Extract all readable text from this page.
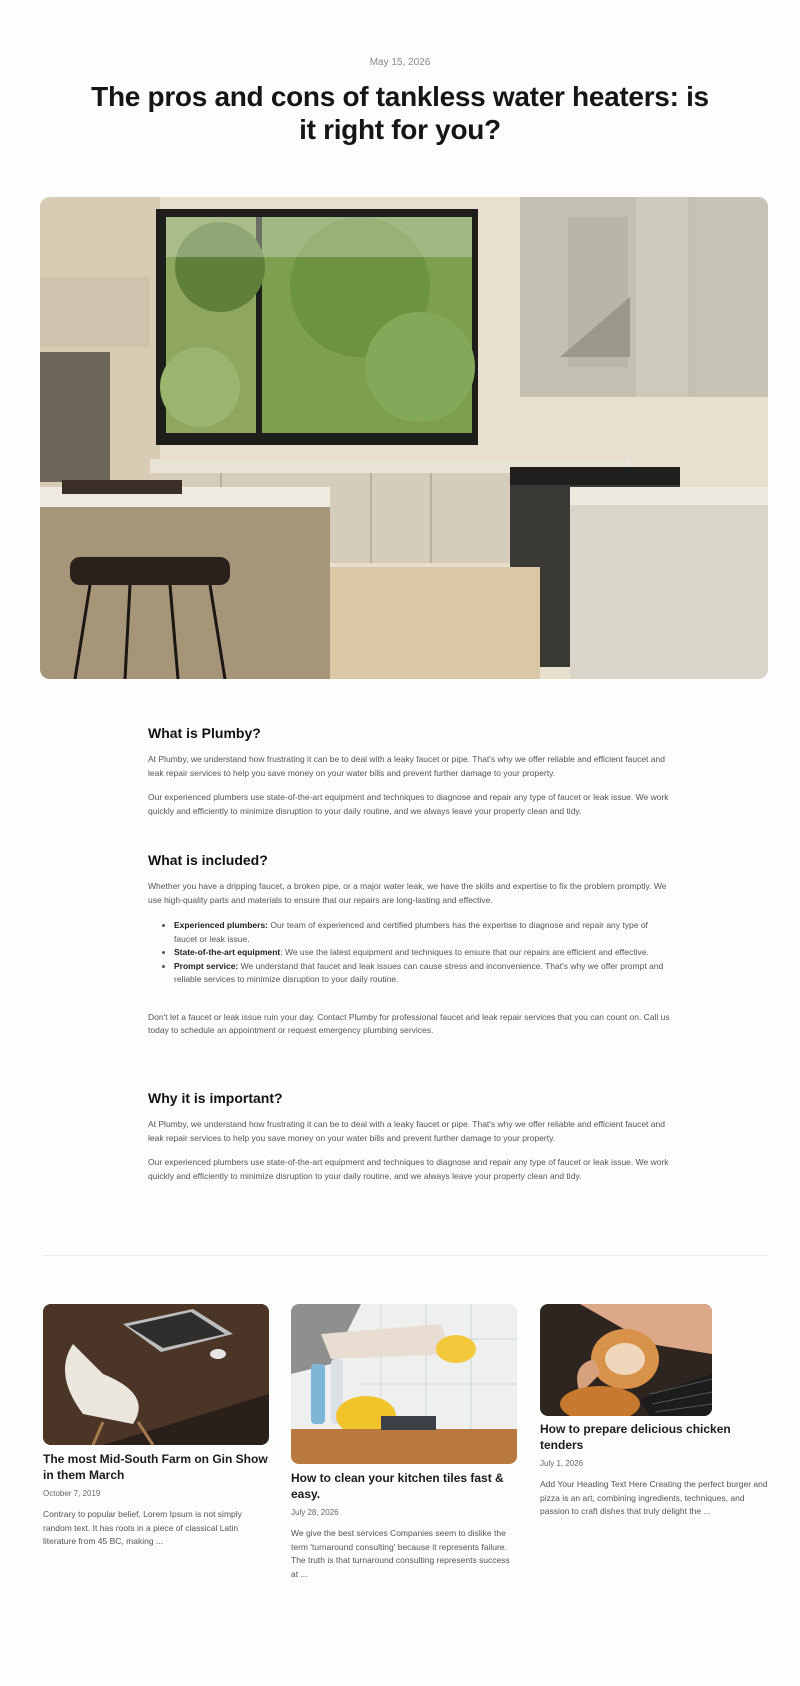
May 15, 2026
The pros and cons of tankless water heaters: is it right for you?
What is Plumby?

At Plumby, we understand how frustrating it can be to deal with a leaky faucet or pipe. That's why we offer reliable and efficient faucet and leak repair services to help you save money on your water bills and prevent further damage to your property.

Our experienced plumbers use state-of-the-art equipment and techniques to diagnose and repair any type of faucet or leak issue. We work quickly and efficiently to minimize disruption to your daily routine, and we always leave your property clean and tidy.

What is included?

Whether you have a dripping faucet, a broken pipe, or a major water leak, we have the skills and expertise to fix the problem promptly. We use high-quality parts and materials to ensure that our repairs are long-lasting and effective.

• Experienced plumbers: Our team of experienced and certified plumbers has the expertise to diagnose and repair any type of faucet or leak issue.
• State-of-the-art equipment: We use the latest equipment and techniques to ensure that our repairs are efficient and effective.
• Prompt service: We understand that faucet and leak issues can cause stress and inconvenience. That's why we offer prompt and reliable services to minimize disruption to your daily routine.

Don't let a faucet or leak issue ruin your day. Contact Plumby for professional faucet and leak repair services that you can count on. Call us today to schedule an appointment or request emergency plumbing services.

Why it is important?

At Plumby, we understand how frustrating it can be to deal with a leaky faucet or pipe. That's why we offer reliable and efficient faucet and leak repair services to help you save money on your water bills and prevent further damage to your property.

Our experienced plumbers use state-of-the-art equipment and techniques to diagnose and repair any type of faucet or leak issue. We work quickly and efficiently to minimize disruption to your daily routine, and we always leave your property clean and tidy.

The most Mid-South Farm on Gin Show in them March
October 7, 2019
Contrary to popular belief, Lorem Ipsum is not simply random text. It has roots in a piece of classical Latin literature from 45 BC, making ...
How to clean your kitchen tiles fast & easy.
July 28, 2026
We give the best services Companies seem to dislike the term 'turnaround consulting' because it represents failure. The truth is that turnaround consulting represents success at ...
How to prepare delicious chicken tenders
July 1, 2026
Add Your Heading Text Here Creating the perfect burger and pizza is an art, combining ingredients, techniques, and passion to craft dishes that truly delight the ...
